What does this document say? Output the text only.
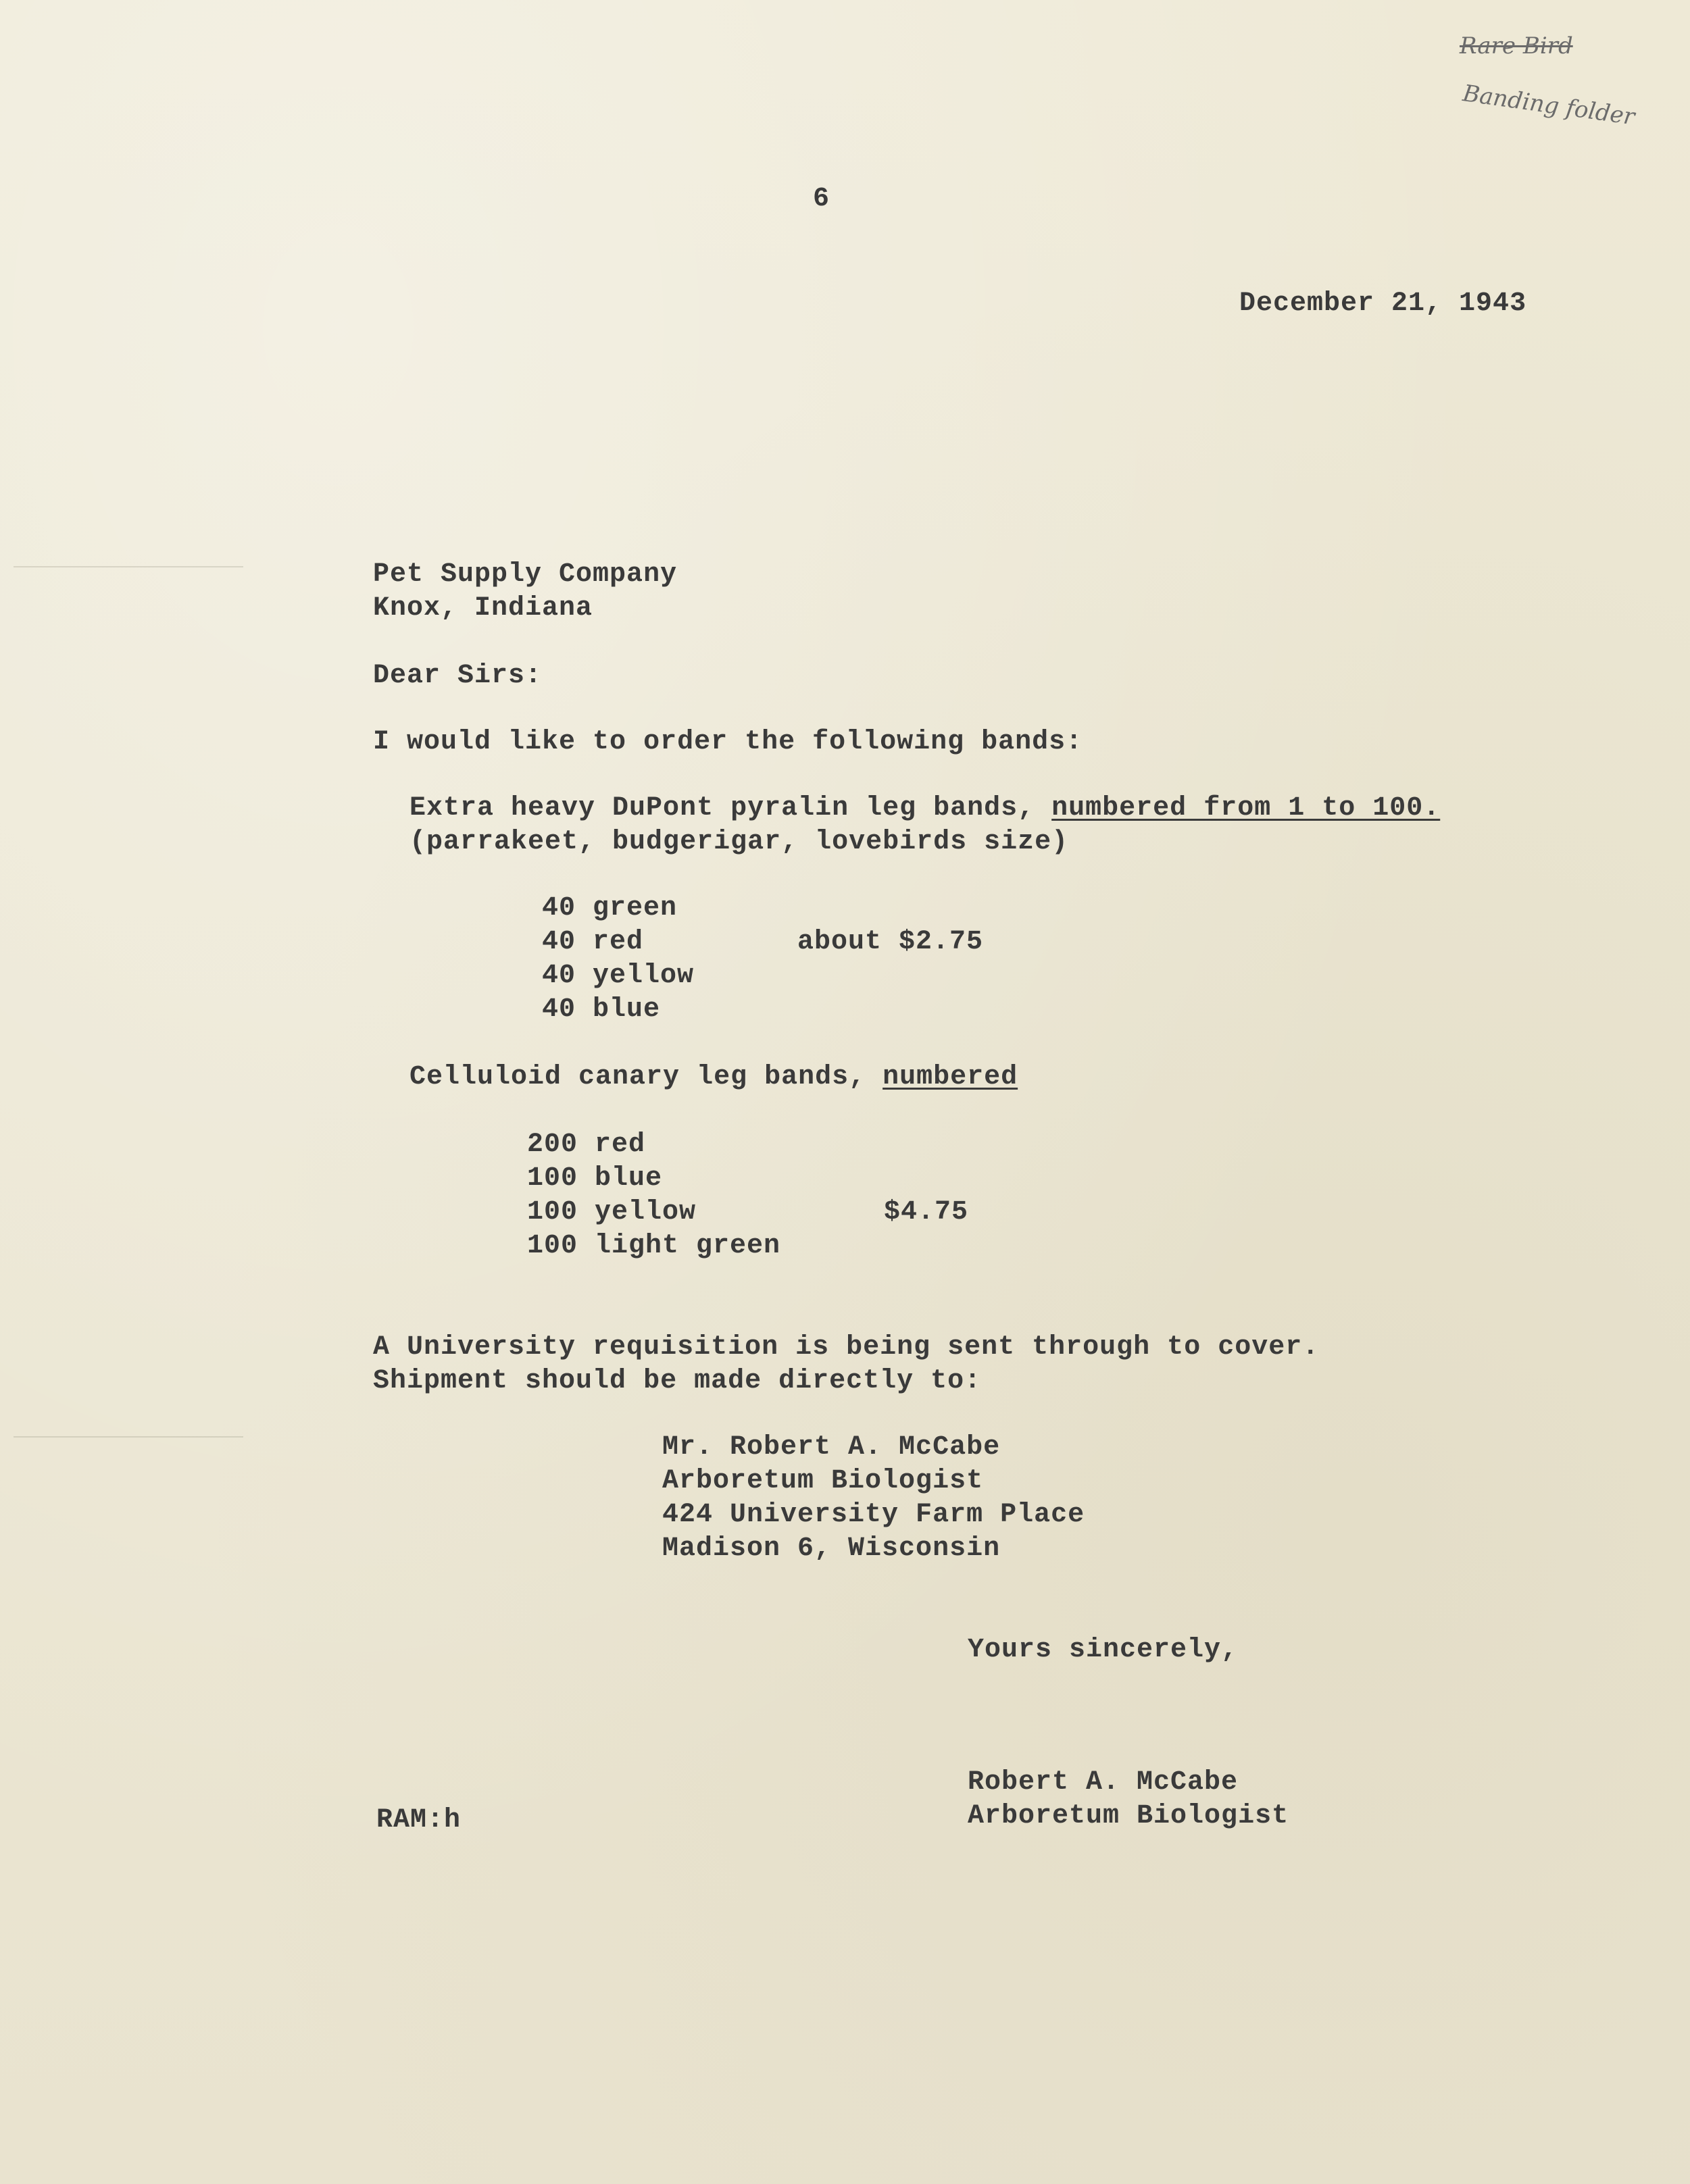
Rare Bird
Banding folder
6
December 21, 1943
Pet Supply Company
Knox, Indiana
Dear Sirs:
I would like to order the following bands:
Extra heavy DuPont pyralin leg bands, numbered from 1 to 100.
(parrakeet, budgerigar, lovebirds size)
40 green
40 red
40 yellow
40 blue
about $2.75
Celluloid canary leg bands, numbered
200 red
100 blue
100 yellow
100 light green
$4.75
A University requisition is being sent through to cover.
Shipment should be made directly to:
Mr. Robert A. McCabe
Arboretum Biologist
424 University Farm Place
Madison 6, Wisconsin
Yours sincerely,
Robert A. McCabe
Arboretum Biologist
RAM:h
